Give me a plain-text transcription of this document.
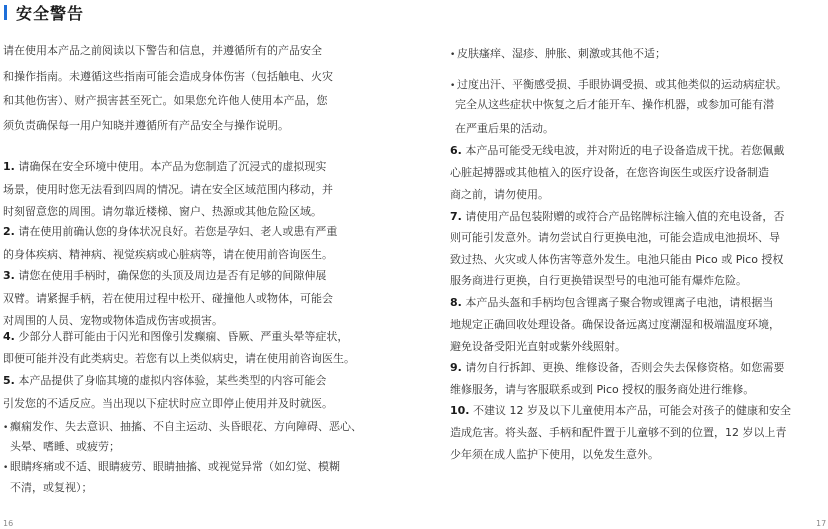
安全警告
请在使用本产品之前阅读以下警告和信息，并遵循所有的产品安全
和操作指南。未遵循这些指南可能会造成身体伤害（包括触电、火灾
和其他伤害）、财产损害甚至死亡。如果您允许他人使用本产品，您
须负责确保每一用户知晓并遵循所有产品安全与操作说明。
1. 请确保在安全环境中使用。本产品为您制造了沉浸式的虚拟现实
场景，使用时您无法看到四周的情况。请在安全区域范围内移动，并
时刻留意您的周围。请勿靠近楼梯、窗户、热源或其他危险区域。
2. 请在使用前确认您的身体状况良好。若您是孕妇、老人或患有严重
的身体疾病、精神病、视觉疾病或心脏病等，请在使用前咨询医生。
3. 请您在使用手柄时，确保您的头顶及周边是否有足够的间隙伸展
双臂。请紧握手柄，若在使用过程中松开、碰撞他人或物体，可能会
对周围的人员、宠物或物体造成伤害或损害。
4. 少部分人群可能由于闪光和图像引发癫痫、昏厥、严重头晕等症状，
即便可能并没有此类病史。若您有以上类似病史，请在使用前咨询医生。
5. 本产品提供了身临其境的虚拟内容体验，某些类型的内容可能会
引发您的不适反应。当出现以下症状时应立即停止使用并及时就医。
• 癫痫发作、失去意识、抽搐、不自主运动、头昏眼花、方向障碍、恶心、
头晕、嗜睡、或疲劳；
• 眼睛疼痛或不适、眼睛疲劳、眼睛抽搐、或视觉异常（如幻觉、模糊
不清，或复视）；
• 皮肤瘙痒、湿疹、肿胀、刺激或其他不适；
• 过度出汗、平衡感受损、手眼协调受损、或其他类似的运动病症状。
完全从这些症状中恢复之后才能开车、操作机器，或参加可能有潜
在严重后果的活动。
6. 本产品可能受无线电波，并对附近的电子设备造成干扰。若您佩戴
心脏起搏器或其他植入的医疗设备，在您咨询医生或医疗设备制造
商之前，请勿使用。
7. 请使用产品包装附赠的或符合产品铭牌标注输入值的充电设备，否
则可能引发意外。请勿尝试自行更换电池，可能会造成电池损坏、导
致过热、火灾或人体伤害等意外发生。电池只能由 Pico 或 Pico 授权
服务商进行更换，自行更换错误型号的电池可能有爆炸危险。
8. 本产品头盔和手柄均包含锂离子聚合物或锂离子电池，请根据当
地规定正确回收处理设备。确保设备远离过度潮湿和极端温度环境，
避免设备受阳光直射或紫外线照射。
9. 请勿自行拆卸、更换、维修设备，否则会失去保修资格。如您需要
维修服务，请与客服联系或到 Pico 授权的服务商处进行维修。
10. 不建议 12 岁及以下儿童使用本产品，可能会对孩子的健康和安全
造成危害。将头盔、手柄和配件置于儿童够不到的位置，12 岁以上青
少年须在成人监护下使用，以免发生意外。
16	17
